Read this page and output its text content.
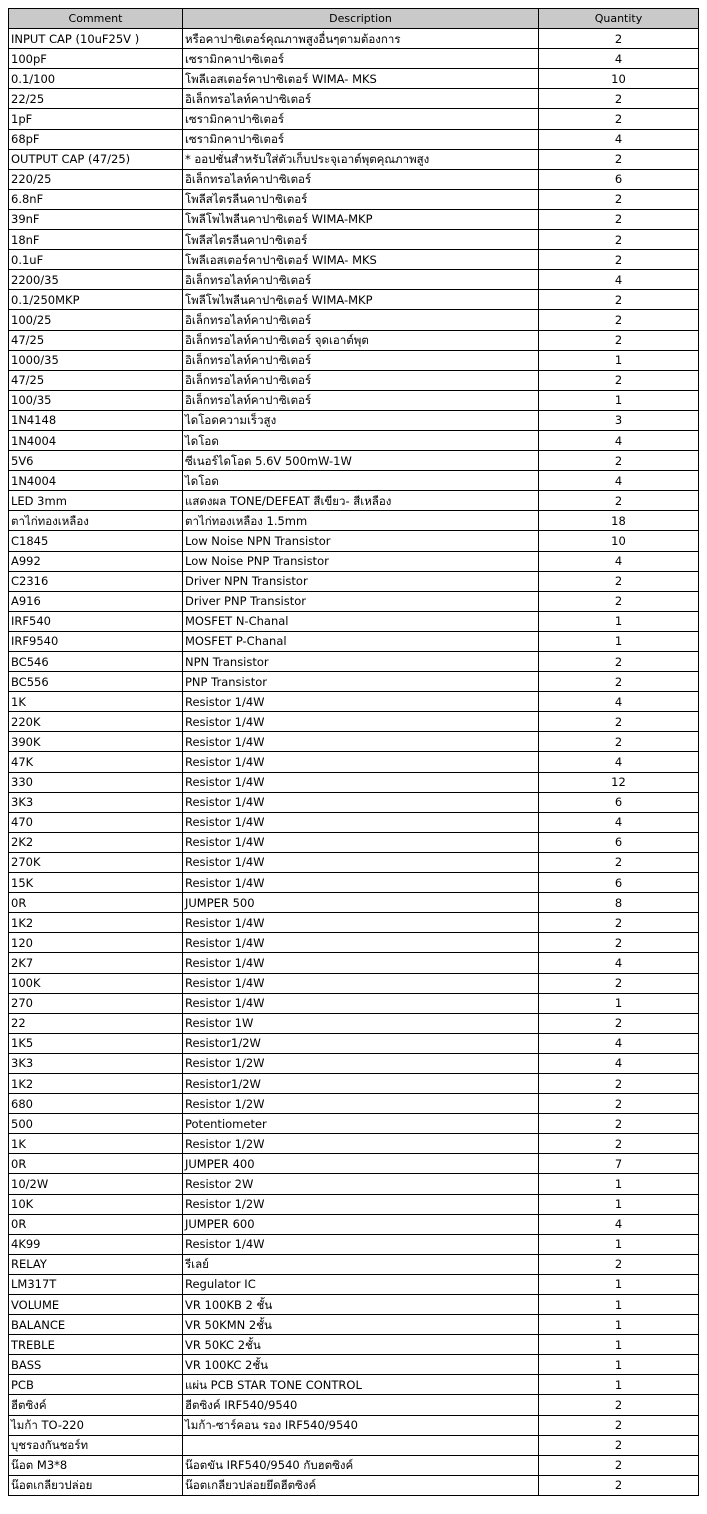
Comment	Description	Quantity
INPUT CAP (10uF25V )	หรือคาปาซิเตอร์คุณภาพสูงอื่นๆตามต้องการ	2
100pF	เซรามิกคาปาซิเตอร์	4
0.1/100	โพลีเอสเตอร์คาปาซิเตอร์ WIMA- MKS	10
22/25	อิเล็กทรอไลท์คาปาซิเตอร์	2
1pF	เซรามิกคาปาซิเตอร์	2
68pF	เซรามิกคาปาซิเตอร์	4
OUTPUT CAP (47/25)	* ออปชั่นสำหรับใส่ตัวเก็บประจุเอาต์พุตคุณภาพสูง	2
220/25	อิเล็กทรอไลท์คาปาซิเตอร์	6
6.8nF	โพลีสไตรลีนคาปาซิเตอร์	2
39nF	โพลีโพไพลีนคาปาซิเตอร์ WIMA-MKP	2
18nF	โพลีสไตรลีนคาปาซิเตอร์	2
0.1uF	โพลีเอสเตอร์คาปาซิเตอร์ WIMA- MKS	2
2200/35	อิเล็กทรอไลท์คาปาซิเตอร์	4
0.1/250MKP	โพลีโพไพลีนคาปาซิเตอร์ WIMA-MKP	2
100/25	อิเล็กทรอไลท์คาปาซิเตอร์	2
47/25	อิเล็กทรอไลท์คาปาซิเตอร์ จุดเอาต์พุต	2
1000/35	อิเล็กทรอไลท์คาปาซิเตอร์	1
47/25	อิเล็กทรอไลท์คาปาซิเตอร์	2
100/35	อิเล็กทรอไลท์คาปาซิเตอร์	1
1N4148	ไดโอดความเร็วสูง	3
1N4004	ไดโอด	4
5V6	ซีเนอร์ไดโอด 5.6V 500mW-1W	2
1N4004	ไดโอด	4
LED 3mm	แสดงผล TONE/DEFEAT สีเขียว- สีเหลือง	2
ตาไก่ทองเหลือง	ตาไก่ทองเหลือง 1.5mm	18
C1845	Low Noise NPN Transistor	10
A992	Low Noise PNP Transistor	4
C2316	Driver NPN Transistor	2
A916	Driver PNP Transistor	2
IRF540	MOSFET N-Chanal	1
IRF9540	MOSFET P-Chanal	1
BC546	NPN Transistor	2
BC556	PNP Transistor	2
1K	Resistor 1/4W	4
220K	Resistor 1/4W	2
390K	Resistor 1/4W	2
47K	Resistor 1/4W	4
330	Resistor 1/4W	12
3K3	Resistor 1/4W	6
470	Resistor 1/4W	4
2K2	Resistor 1/4W	6
270K	Resistor 1/4W	2
15K	Resistor 1/4W	6
0R	JUMPER 500	8
1K2	Resistor 1/4W	2
120	Resistor 1/4W	2
2K7	Resistor 1/4W	4
100K	Resistor 1/4W	2
270	Resistor 1/4W	1
22	Resistor 1W	2
1K5	Resistor1/2W	4
3K3	Resistor 1/2W	4
1K2	Resistor1/2W	2
680	Resistor 1/2W	2
500	Potentiometer	2
1K	Resistor 1/2W	2
0R	JUMPER 400	7
10/2W	Resistor 2W	1
10K	Resistor 1/2W	1
0R	JUMPER 600	4
4K99	Resistor 1/4W	1
RELAY	รีเลย์	2
LM317T	Regulator IC	1
VOLUME	VR 100KB 2 ชั้น	1
BALANCE	VR 50KMN 2ชั้น	1
TREBLE	VR 50KC 2ชั้น	1
BASS	VR 100KC 2ชั้น	1
PCB	แผ่น PCB STAR TONE CONTROL	1
ฮีตซิงค์	ฮีตซิงค์ IRF540/9540	2
ไมก้า TO-220	ไมก้า-ซาร์คอน รอง IRF540/9540	2
บุชรองกันชอร์ท		2
น๊อต M3*8	น๊อตขัน IRF540/9540 กับฮตซิงค์	2
น๊อตเกลียวปล่อย	น๊อตเกลียวปล่อยยึดฮีตซิงค์	2
